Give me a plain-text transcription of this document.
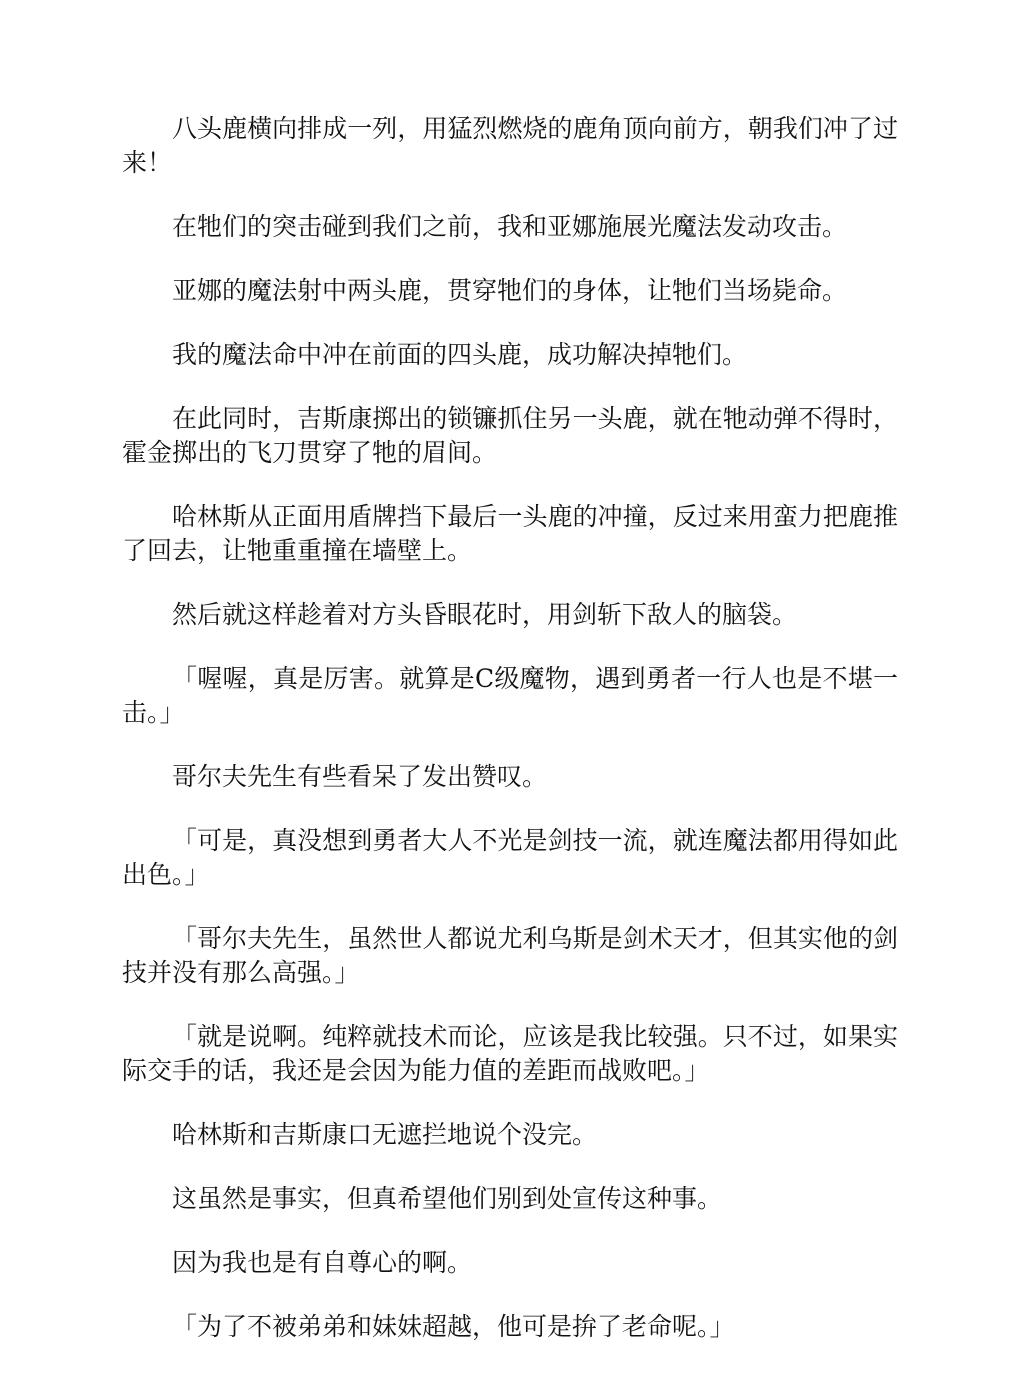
八头鹿横向排成一列，用猛烈燃烧的鹿角顶向前方，朝我们冲了过来！

在牠们的突击碰到我们之前，我和亚娜施展光魔法发动攻击。

亚娜的魔法射中两头鹿，贯穿牠们的身体，让牠们当场毙命。

我的魔法命中冲在前面的四头鹿，成功解决掉牠们。

在此同时，吉斯康掷出的锁镰抓住另一头鹿，就在牠动弹不得时，霍金掷出的飞刀贯穿了牠的眉间。

哈林斯从正面用盾牌挡下最后一头鹿的冲撞，反过来用蛮力把鹿推了回去，让牠重重撞在墙壁上。

然后就这样趁着对方头昏眼花时，用剑斩下敌人的脑袋。

「喔喔，真是厉害。就算是C级魔物，遇到勇者一行人也是不堪一击。」

哥尔夫先生有些看呆了发出赞叹。

「可是，真没想到勇者大人不光是剑技一流，就连魔法都用得如此出色。」

「哥尔夫先生，虽然世人都说尤利乌斯是剑术天才，但其实他的剑技并没有那么高强。」

「就是说啊。纯粹就技术而论，应该是我比较强。只不过，如果实际交手的话，我还是会因为能力值的差距而战败吧。」

哈林斯和吉斯康口无遮拦地说个没完。

这虽然是事实，但真希望他们别到处宣传这种事。

因为我也是有自尊心的啊。

「为了不被弟弟和妹妹超越，他可是拚了老命呢。」
